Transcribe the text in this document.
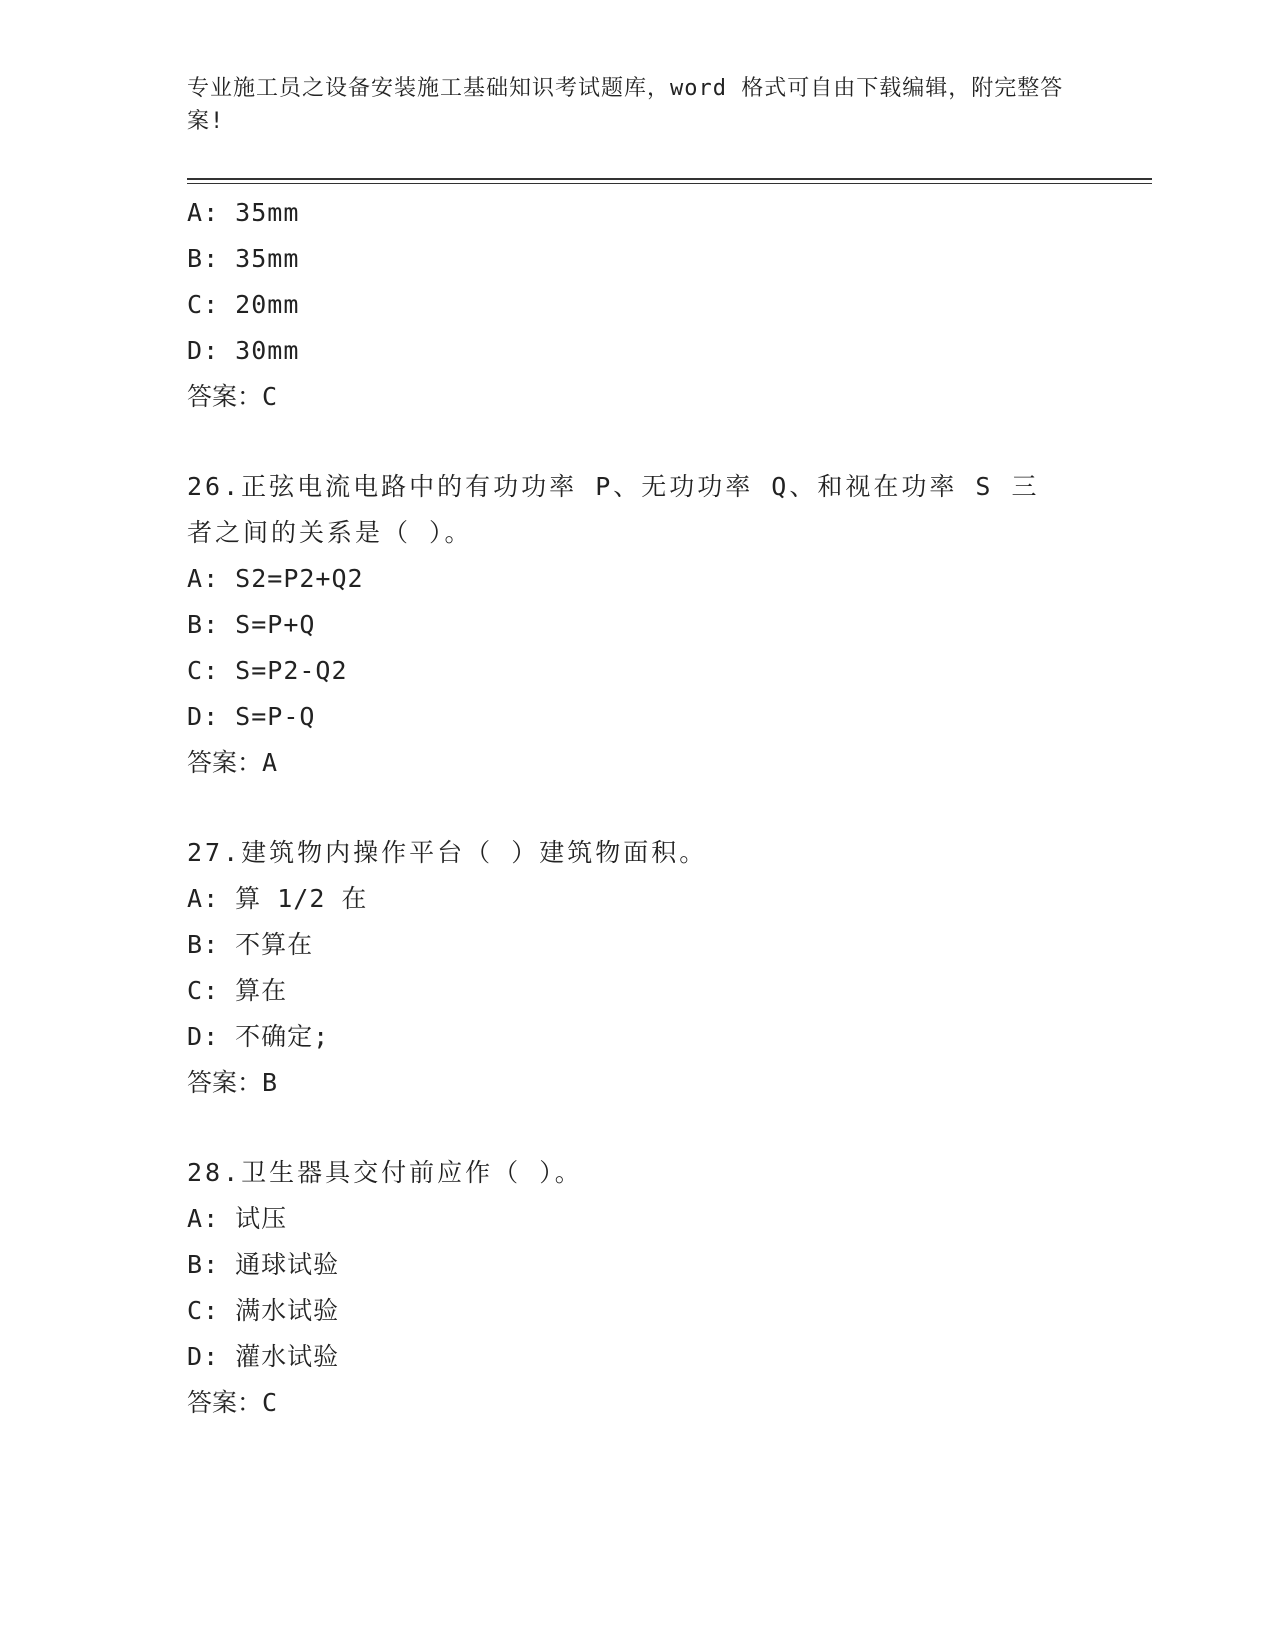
专业施工员之设备安装施工基础知识考试题库，word 格式可自由下载编辑，附完整答案!
A: 35mm
B: 35mm
C: 20mm
D: 30mm
答案：C
26.正弦电流电路中的有功功率 P、无功功率 Q、和视在功率 S 三者之间的关系是（ ）。
A: S2=P2+Q2
B: S=P+Q
C: S=P2-Q2
D: S=P-Q
答案：A
27.建筑物内操作平台（ ）建筑物面积。
A: 算 1/2 在
B: 不算在
C: 算在
D: 不确定;
答案：B
28.卫生器具交付前应作（ ）。
A: 试压
B: 通球试验
C: 满水试验
D: 灌水试验
答案：C
